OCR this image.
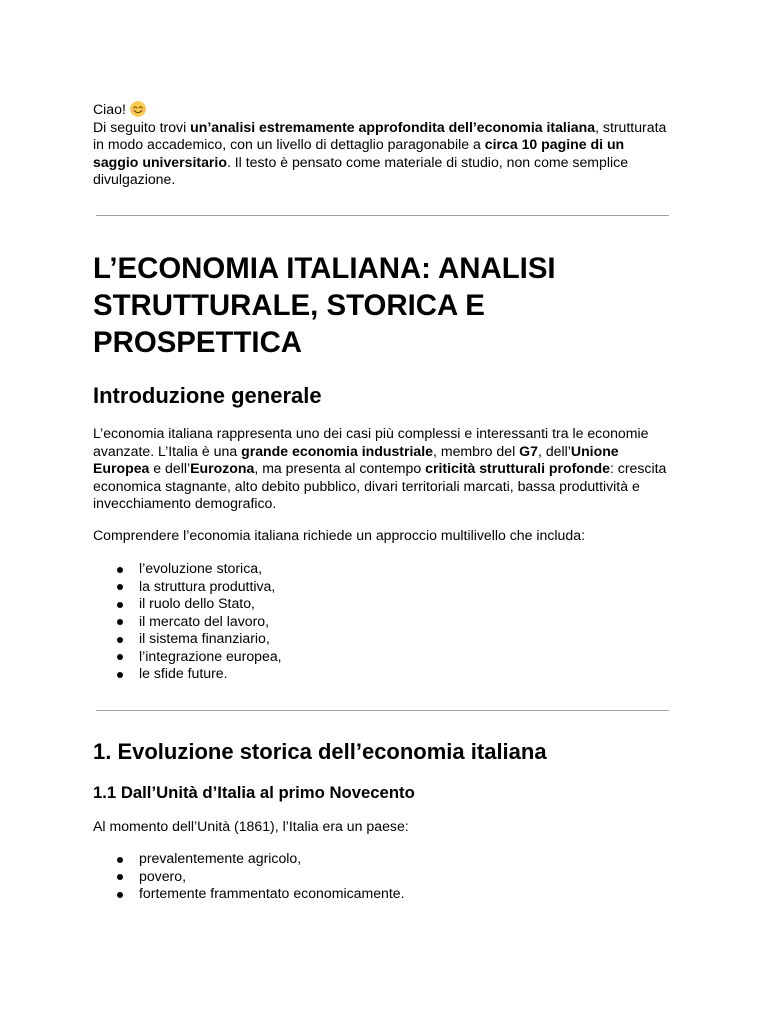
Ciao!
Di seguito trovi un’analisi estremamente approfondita dell’economia italiana, strutturata
in modo accademico, con un livello di dettaglio paragonabile a circa 10 pagine di un
saggio universitario. Il testo è pensato come materiale di studio, non come semplice
divulgazione.
L’ECONOMIA ITALIANA: ANALISI
STRUTTURALE, STORICA E
PROSPETTICA
Introduzione generale
L’economia italiana rappresenta uno dei casi più complessi e interessanti tra le economie
avanzate. L’Italia è una grande economia industriale, membro del G7, dell’Unione
Europea e dell’Eurozona, ma presenta al contempo criticità strutturali profonde: crescita
economica stagnante, alto debito pubblico, divari territoriali marcati, bassa produttività e
invecchiamento demografico.
Comprendere l’economia italiana richiede un approccio multilivello che includa:
l’evoluzione storica,
la struttura produttiva,
il ruolo dello Stato,
il mercato del lavoro,
il sistema finanziario,
l’integrazione europea,
le sfide future.
1. Evoluzione storica dell’economia italiana
1.1 Dall’Unità d’Italia al primo Novecento
Al momento dell’Unità (1861), l’Italia era un paese:
prevalentemente agricolo,
povero,
fortemente frammentato economicamente.
